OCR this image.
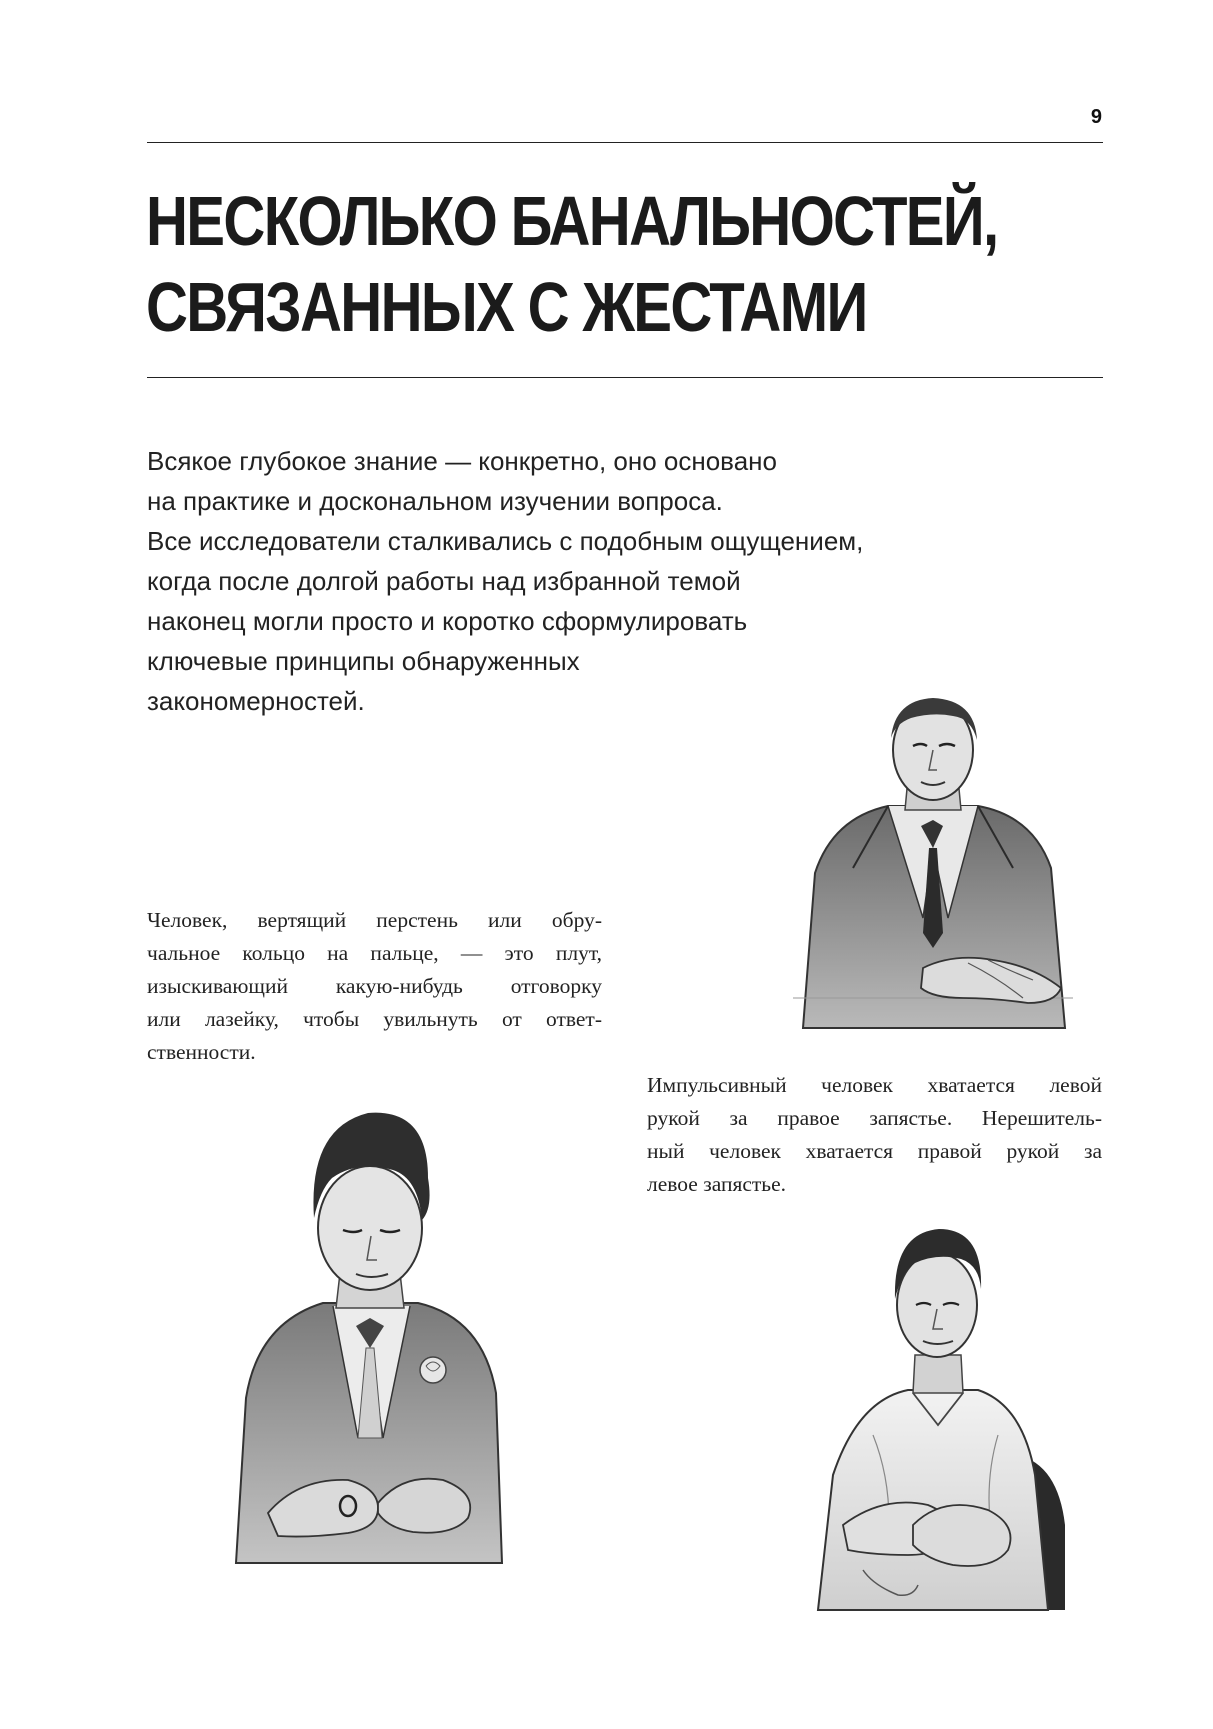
9
НЕСКОЛЬКО БАНАЛЬНОСТЕЙ,
СВЯЗАННЫХ С ЖЕСТАМИ

Всякое глубокое знание — конкретно, оно основано
на практике и доскональном изучении вопроса.
Все исследователи сталкивались с подобным ощущением,
когда после долгой работы над избранной темой
наконец могли просто и коротко сформулировать
ключевые принципы обнаруженных
закономерностей.

Человек, вертящий перстень или обру-
чальное кольцо на пальце, — это плут,
изыскивающий какую-нибудь отговорку
или лазейку, чтобы увильнуть от ответ-
ственности.
Импульсивный человек хватается левой
рукой за правое запястье. Нерешитель-
ный человек хватается правой рукой за
левое запястье.
